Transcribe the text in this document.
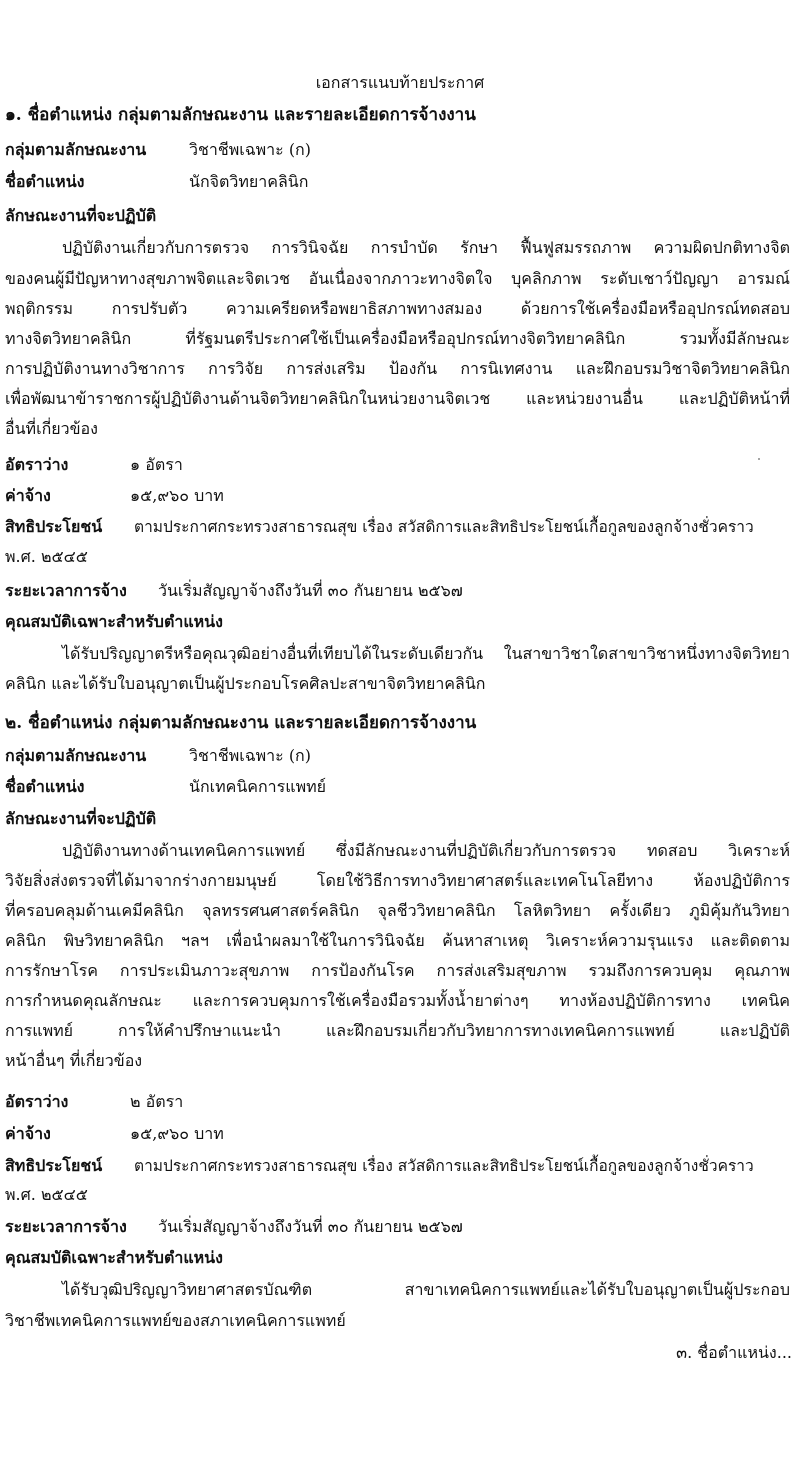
เอกสารแนบท้ายประกาศ
๑. ชื่อตำแหน่ง กลุ่มตามลักษณะงาน และรายละเอียดการจ้างงาน
กลุ่มตามลักษณะงาน	วิชาชีพเฉพาะ (ก)
ชื่อตำแหน่ง	นักจิตวิทยาคลินิก
ลักษณะงานที่จะปฏิบัติ
ปฏิบัติงานเกี่ยวกับการตรวจ การวินิจฉัย การบำบัด รักษา ฟื้นฟูสมรรถภาพ ความผิดปกติทางจิต
ของคนผู้มีปัญหาทางสุขภาพจิตและจิตเวช อันเนื่องจากภาวะทางจิตใจ บุคลิกภาพ ระดับเชาว์ปัญญา อารมณ์
พฤติกรรม การปรับตัว ความเครียดหรือพยาธิสภาพทางสมอง ด้วยการใช้เครื่องมือหรืออุปกรณ์ทดสอบ
ทางจิตวิทยาคลินิก ที่รัฐมนตรีประกาศใช้เป็นเครื่องมือหรืออุปกรณ์ทางจิตวิทยาคลินิก รวมทั้งมีลักษณะ
การปฏิบัติงานทางวิชาการ การวิจัย การส่งเสริม ป้องกัน การนิเทศงาน และฝึกอบรมวิชาจิตวิทยาคลินิก
เพื่อพัฒนาข้าราชการผู้ปฏิบัติงานด้านจิตวิทยาคลินิกในหน่วยงานจิตเวช และหน่วยงานอื่น และปฏิบัติหน้าที่
อื่นที่เกี่ยวข้อง
อัตราว่าง	๑ อัตรา
ค่าจ้าง	๑๕,๙๖๐ บาท
สิทธิประโยชน์ ตามประกาศกระทรวงสาธารณสุข เรื่อง สวัสดิการและสิทธิประโยชน์เกื้อกูลของลูกจ้างชั่วคราว
พ.ศ. ๒๕๔๕
ระยะเวลาการจ้าง วันเริ่มสัญญาจ้างถึงวันที่ ๓๐ กันยายน ๒๕๖๗
คุณสมบัติเฉพาะสำหรับตำแหน่ง
ได้รับปริญญาตรีหรือคุณวุฒิอย่างอื่นที่เทียบได้ในระดับเดียวกัน ในสาขาวิชาใดสาขาวิชาหนึ่งทางจิตวิทยา
คลินิก และได้รับใบอนุญาตเป็นผู้ประกอบโรคศิลปะสาขาจิตวิทยาคลินิก
๒. ชื่อตำแหน่ง กลุ่มตามลักษณะงาน และรายละเอียดการจ้างงาน
กลุ่มตามลักษณะงาน	วิชาชีพเฉพาะ (ก)
ชื่อตำแหน่ง	นักเทคนิคการแพทย์
ลักษณะงานที่จะปฏิบัติ
ปฏิบัติงานทางด้านเทคนิคการแพทย์ ซึ่งมีลักษณะงานที่ปฏิบัติเกี่ยวกับการตรวจ ทดสอบ วิเคราะห์
วิจัยสิ่งส่งตรวจที่ได้มาจากร่างกายมนุษย์ โดยใช้วิธีการทางวิทยาศาสตร์และเทคโนโลยีทาง ห้องปฏิบัติการ
ที่ครอบคลุมด้านเคมีคลินิก จุลทรรศนศาสตร์คลินิก จุลชีววิทยาคลินิก โลหิตวิทยา ครั้งเดียว ภูมิคุ้มกันวิทยา
คลินิก พิษวิทยาคลินิก ฯลฯ เพื่อนำผลมาใช้ในการวินิจฉัย ค้นหาสาเหตุ วิเคราะห์ความรุนแรง และติดตาม
การรักษาโรค การประเมินภาวะสุขภาพ การป้องกันโรค การส่งเสริมสุขภาพ รวมถึงการควบคุม คุณภาพ
การกำหนดคุณลักษณะ และการควบคุมการใช้เครื่องมือรวมทั้งน้ำยาต่างๆ ทางห้องปฏิบัติการทาง เทคนิค
การแพทย์ การให้คำปรึกษาแนะนำ และฝึกอบรมเกี่ยวกับวิทยาการทางเทคนิคการแพทย์ และปฏิบัติ
หน้าอื่นๆ ที่เกี่ยวข้อง
อัตราว่าง	๒ อัตรา
ค่าจ้าง	๑๕,๙๖๐ บาท
สิทธิประโยชน์ ตามประกาศกระทรวงสาธารณสุข เรื่อง สวัสดิการและสิทธิประโยชน์เกื้อกูลของลูกจ้างชั่วคราว
พ.ศ. ๒๕๔๕
ระยะเวลาการจ้าง วันเริ่มสัญญาจ้างถึงวันที่ ๓๐ กันยายน ๒๕๖๗
คุณสมบัติเฉพาะสำหรับตำแหน่ง
ได้รับวุฒิปริญญาวิทยาศาสตรบัณฑิต สาขาเทคนิคการแพทย์และได้รับใบอนุญาตเป็นผู้ประกอบ
วิชาชีพเทคนิคการแพทย์ของสภาเทคนิคการแพทย์
๓. ชื่อตำแหน่ง...
